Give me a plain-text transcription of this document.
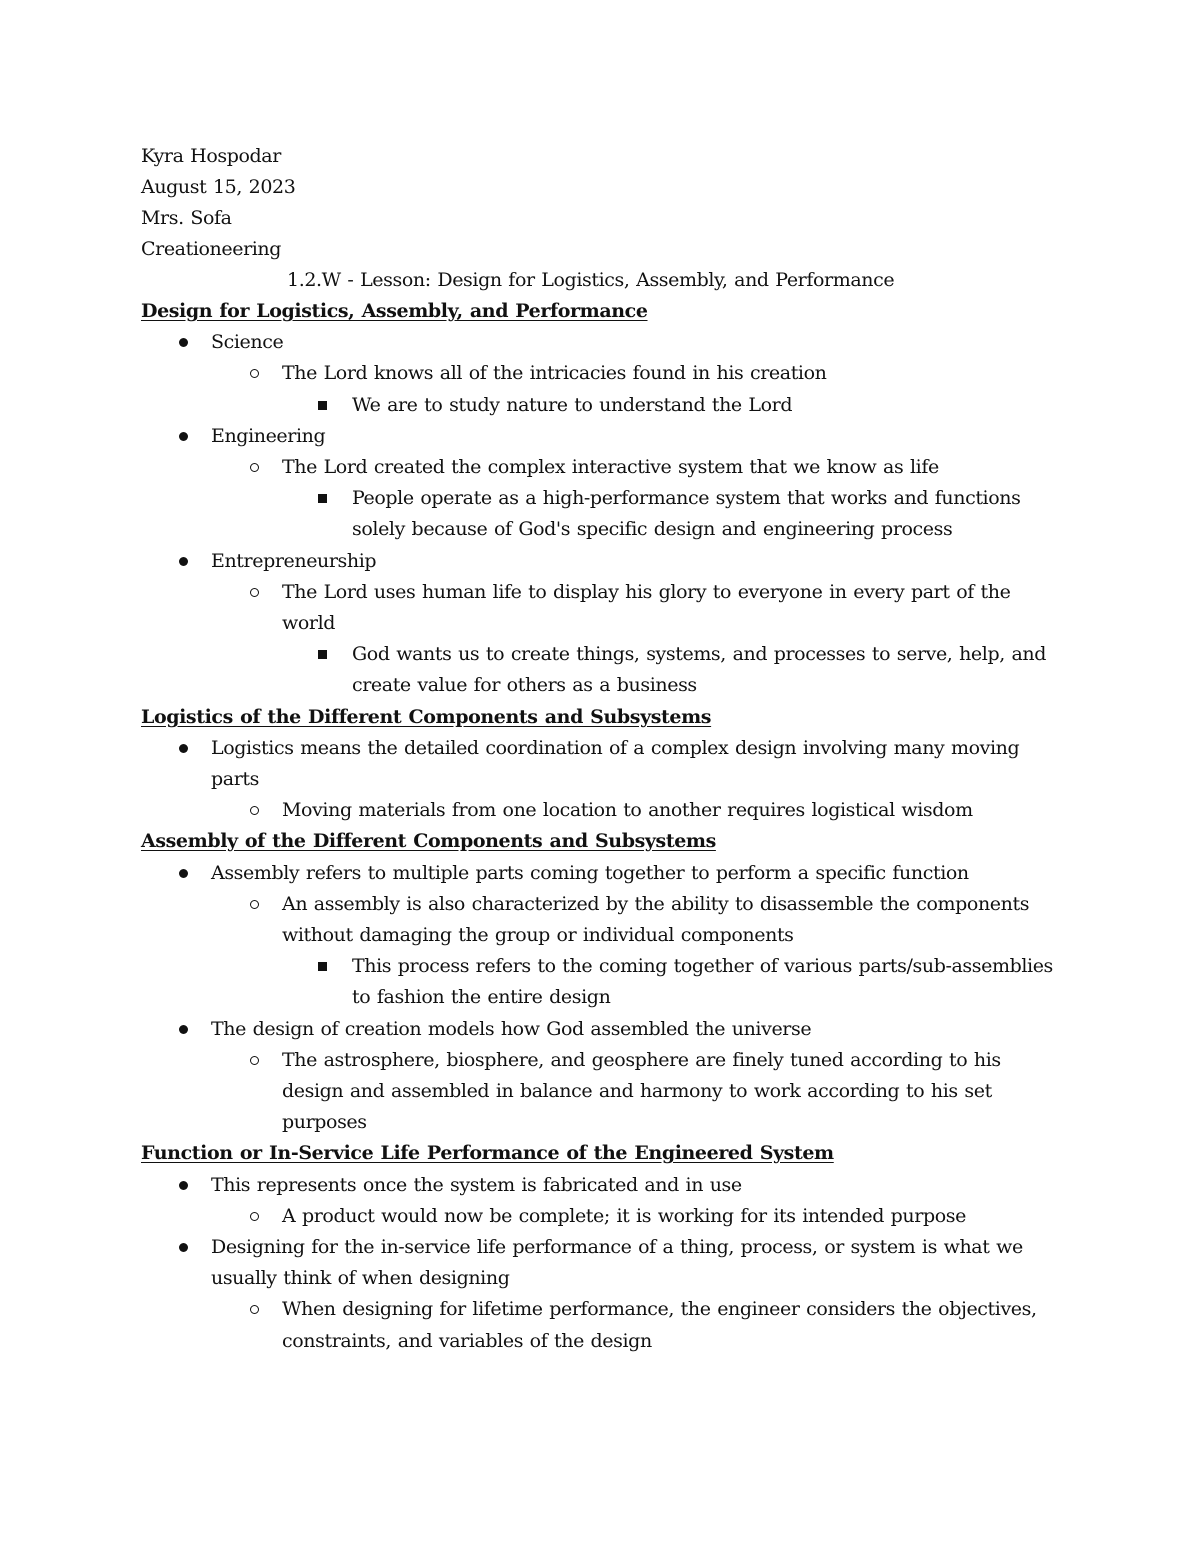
Kyra Hospodar
August 15, 2023
Mrs. Sofa
Creationeering
1.2.W - Lesson: Design for Logistics, Assembly, and Performance
Design for Logistics, Assembly, and Performance
Science
The Lord knows all of the intricacies found in his creation
We are to study nature to understand the Lord
Engineering
The Lord created the complex interactive system that we know as life
People operate as a high-performance system that works and functions
solely because of God's specific design and engineering process
Entrepreneurship
The Lord uses human life to display his glory to everyone in every part of the
world
God wants us to create things, systems, and processes to serve, help, and
create value for others as a business
Logistics of the Different Components and Subsystems
Logistics means the detailed coordination of a complex design involving many moving
parts
Moving materials from one location to another requires logistical wisdom
Assembly of the Different Components and Subsystems
Assembly refers to multiple parts coming together to perform a specific function
An assembly is also characterized by the ability to disassemble the components
without damaging the group or individual components
This process refers to the coming together of various parts/sub-assemblies
to fashion the entire design
The design of creation models how God assembled the universe
The astrosphere, biosphere, and geosphere are finely tuned according to his
design and assembled in balance and harmony to work according to his set
purposes
Function or In-Service Life Performance of the Engineered System
This represents once the system is fabricated and in use
A product would now be complete; it is working for its intended purpose
Designing for the in-service life performance of a thing, process, or system is what we
usually think of when designing
When designing for lifetime performance, the engineer considers the objectives,
constraints, and variables of the design
